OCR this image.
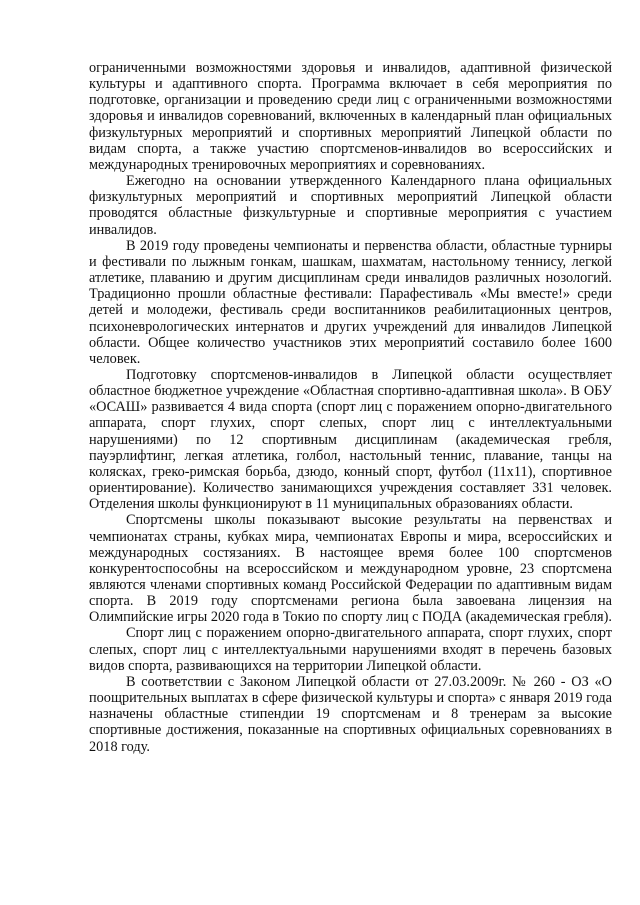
ограниченными возможностями здоровья и инвалидов, адаптивной физической культуры и адаптивного спорта. Программа включает в себя мероприятия по подготовке, организации и проведению среди лиц с ограниченными возможностями здоровья и инвалидов соревнований, включенных в календарный план официальных физкультурных мероприятий и спортивных мероприятий Липецкой области по видам спорта, а также участию спортсменов-инвалидов во всероссийских и международных тренировочных мероприятиях и соревнованиях.

Ежегодно на основании утвержденного Календарного плана официальных физкультурных мероприятий и спортивных мероприятий Липецкой области проводятся областные физкультурные и спортивные мероприятия с участием инвалидов.

В 2019 году проведены чемпионаты и первенства области, областные турниры и фестивали по лыжным гонкам, шашкам, шахматам, настольному теннису, легкой атлетике, плаванию и другим дисциплинам среди инвалидов различных нозологий. Традиционно прошли областные фестивали: Парафестиваль «Мы вместе!» среди детей и молодежи, фестиваль среди воспитанников реабилитационных центров, психоневрологических интернатов и других учреждений для инвалидов Липецкой области. Общее количество участников этих мероприятий составило более 1600 человек.

Подготовку спортсменов-инвалидов в Липецкой области осуществляет областное бюджетное учреждение «Областная спортивно-адаптивная школа». В ОБУ «ОСАШ» развивается 4 вида спорта (спорт лиц с поражением опорно-двигательного аппарата, спорт глухих, спорт слепых, спорт лиц с интеллектуальными нарушениями) по 12 спортивным дисциплинам (академическая гребля, пауэрлифтинг, легкая атлетика, голбол, настольный теннис, плавание, танцы на колясках, греко-римская борьба, дзюдо, конный спорт, футбол (11х11), спортивное ориентирование). Количество занимающихся учреждения составляет 331 человек. Отделения школы функционируют в 11 муниципальных образованиях области.

Спортсмены школы показывают высокие результаты на первенствах и чемпионатах страны, кубках мира, чемпионатах Европы и мира, всероссийских и международных состязаниях. В настоящее время более 100 спортсменов конкурентоспособны на всероссийском и международном уровне, 23 спортсмена являются членами спортивных команд Российской Федерации по адаптивным видам спорта. В 2019 году спортсменами региона была завоевана лицензия на Олимпийские игры 2020 года в Токио по спорту лиц с ПОДА (академическая гребля).

Спорт лиц с поражением опорно-двигательного аппарата, спорт глухих, спорт слепых, спорт лиц с интеллектуальными нарушениями входят в перечень базовых видов спорта, развивающихся на территории Липецкой области.

В соответствии с Законом Липецкой области от 27.03.2009г. № 260 - ОЗ «О поощрительных выплатах в сфере физической культуры и спорта» с января 2019 года назначены областные стипендии 19 спортсменам и 8 тренерам за высокие спортивные достижения, показанные на спортивных официальных соревнованиях в 2018 году.
